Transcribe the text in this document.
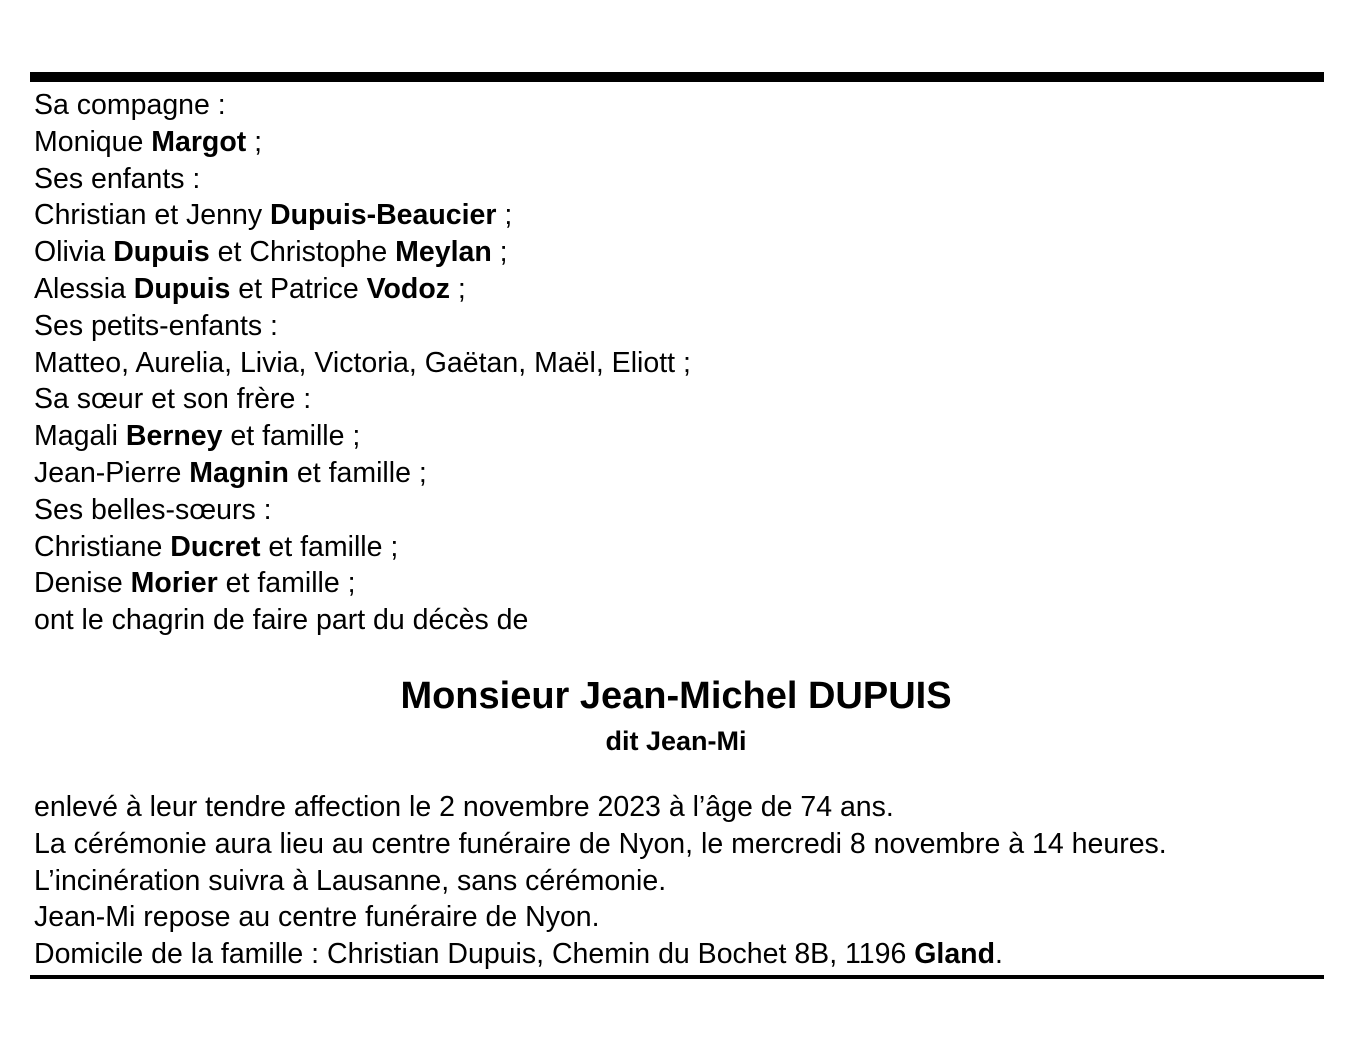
Sa compagne :
Monique Margot ;
Ses enfants :
Christian et Jenny Dupuis-Beaucier ;
Olivia Dupuis et Christophe Meylan ;
Alessia Dupuis et Patrice Vodoz ;
Ses petits-enfants :
Matteo, Aurelia, Livia, Victoria, Gaëtan, Maël, Eliott ;
Sa sœur et son frère :
Magali Berney et famille ;
Jean-Pierre Magnin et famille ;
Ses belles-sœurs :
Christiane Ducret et famille ;
Denise Morier et famille ;
ont le chagrin de faire part du décès de
Monsieur Jean-Michel DUPUIS
dit Jean-Mi
enlevé à leur tendre affection le 2 novembre 2023 à l’âge de 74 ans.
La cérémonie aura lieu au centre funéraire de Nyon, le mercredi 8 novembre à 14 heures.
L’incinération suivra à Lausanne, sans cérémonie.
Jean-Mi repose au centre funéraire de Nyon.
Domicile de la famille : Christian Dupuis, Chemin du Bochet 8B, 1196 Gland.
